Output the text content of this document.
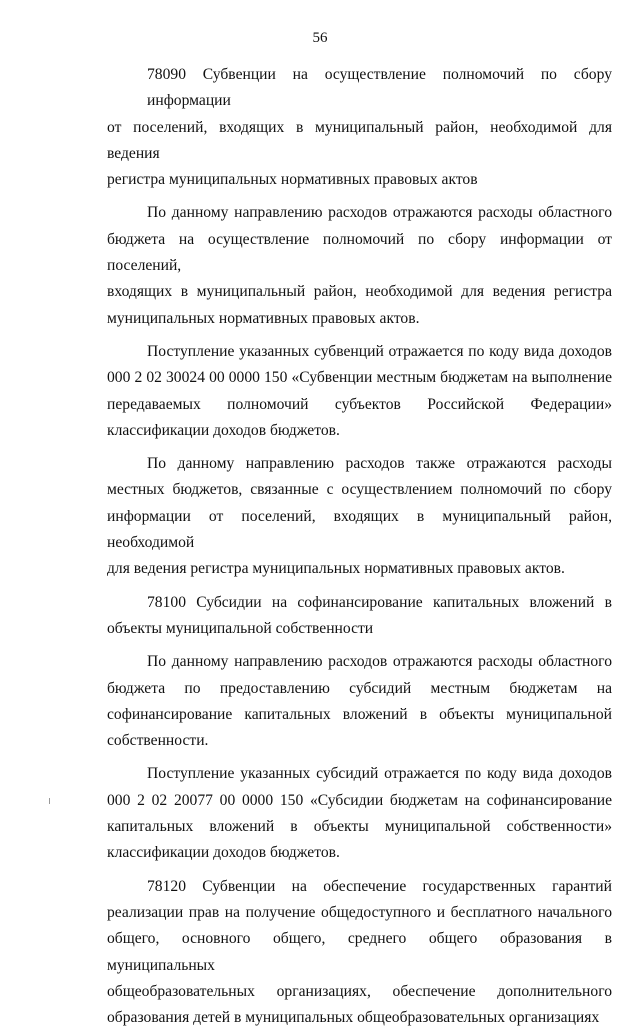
56
78090 Субвенции на осуществление полномочий по сбору информации
от поселений, входящих в муниципальный район, необходимой для ведения
регистра муниципальных нормативных правовых актов
По данному направлению расходов отражаются расходы областного
бюджета на осуществление полномочий по сбору информации от поселений,
входящих в муниципальный район, необходимой для ведения регистра
муниципальных нормативных правовых актов.
Поступление указанных субвенций отражается по коду вида доходов
000 2 02 30024 00 0000 150 «Субвенции местным бюджетам на выполнение
передаваемых полномочий субъектов Российской Федерации»
классификации доходов бюджетов.
По данному направлению расходов также отражаются расходы
местных бюджетов, связанные с осуществлением полномочий по сбору
информации от поселений, входящих в муниципальный район, необходимой
для ведения регистра муниципальных нормативных правовых актов.
78100 Субсидии на софинансирование капитальных вложений в
объекты муниципальной собственности
По данному направлению расходов отражаются расходы областного
бюджета по предоставлению субсидий местным бюджетам на
софинансирование капитальных вложений в объекты муниципальной
собственности.
Поступление указанных субсидий отражается по коду вида доходов
000 2 02 20077 00 0000 150 «Субсидии бюджетам на софинансирование
капитальных вложений в объекты муниципальной собственности»
классификации доходов бюджетов.
78120 Субвенции на обеспечение государственных гарантий
реализации прав на получение общедоступного и бесплатного начального
общего, основного общего, среднего общего образования в муниципальных
общеобразовательных организациях, обеспечение дополнительного
образования детей в муниципальных общеобразовательных организациях
